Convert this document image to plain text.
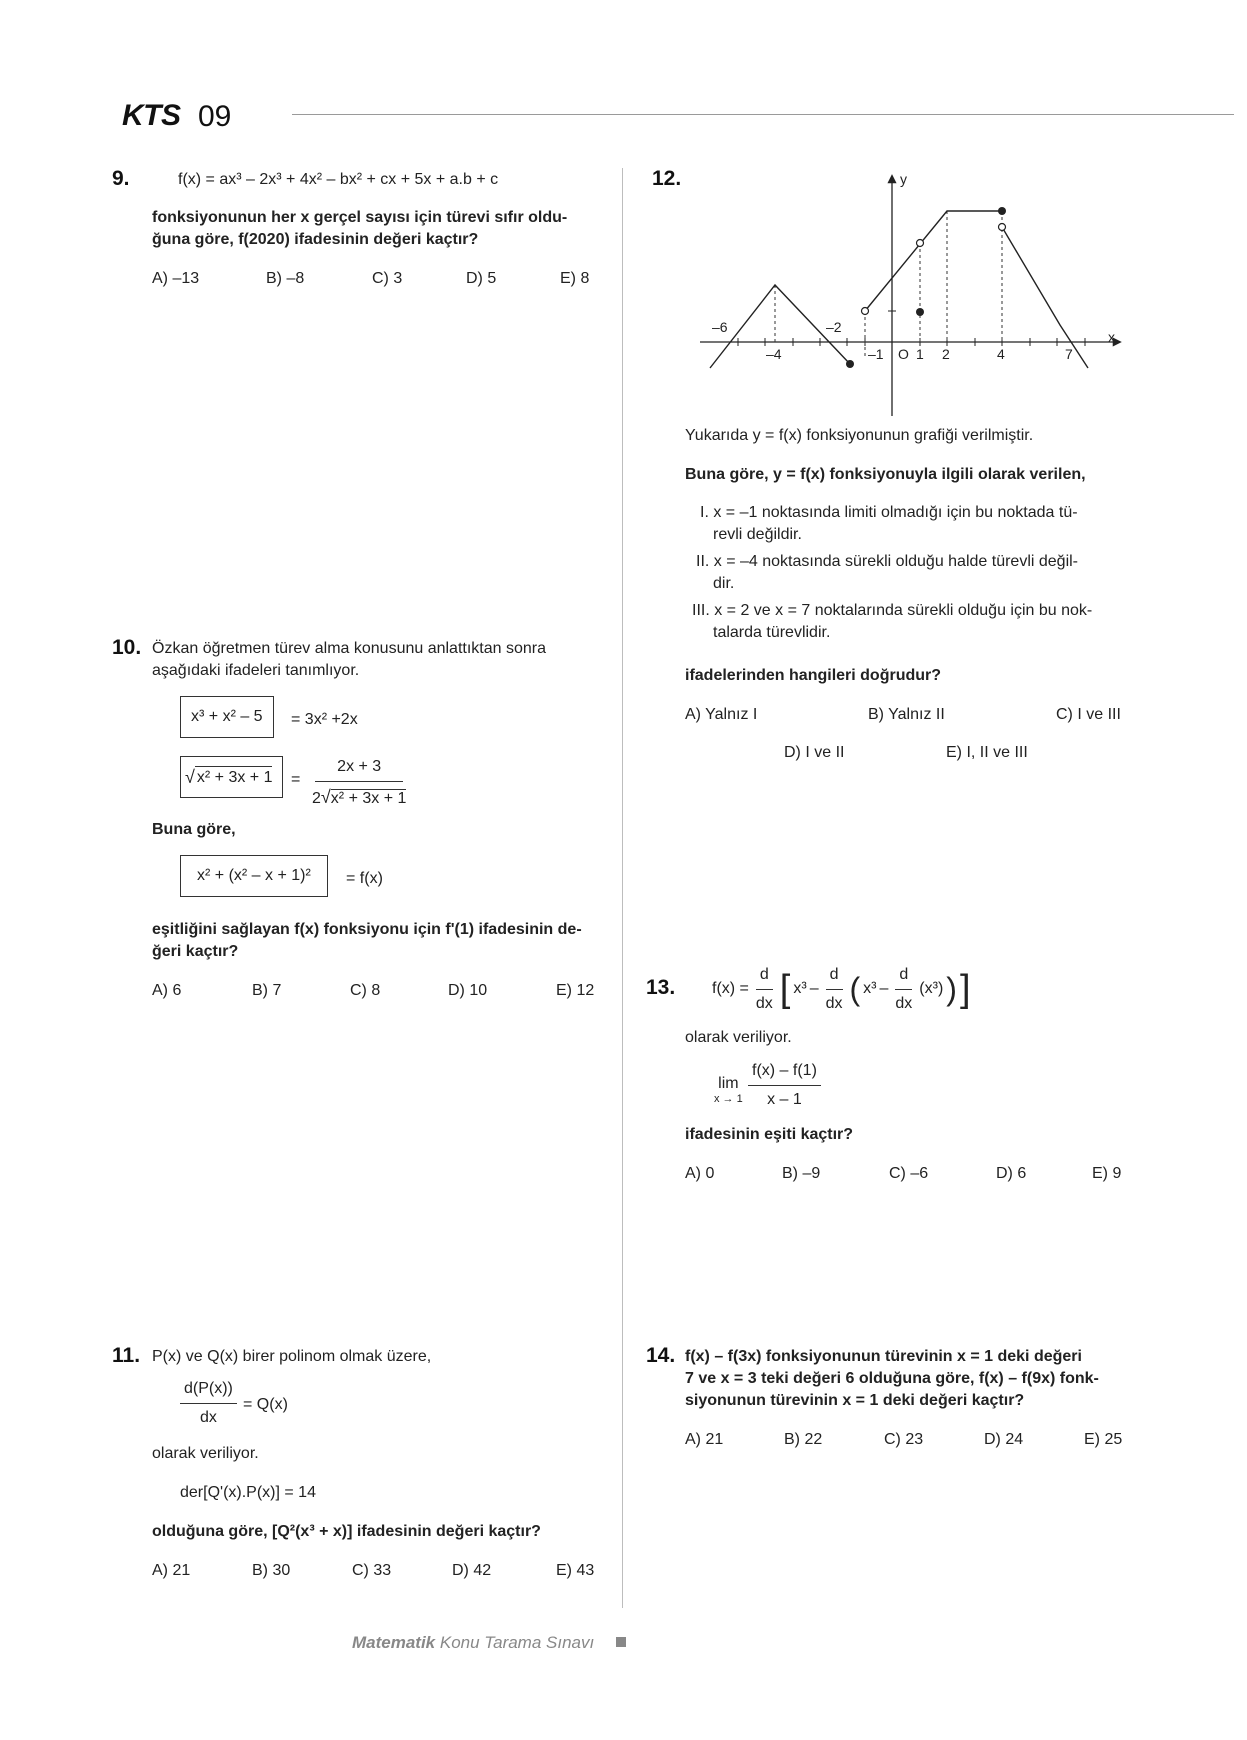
KTS 09
9.	f(x) = ax³ – 2x³ + 4x² – bx² + cx + 5x + a.b + c
fonksiyonunun her x gerçel sayısı için türevi sıfır oldu-
ğuna göre, f(2020) ifadesinin değeri kaçtır?
A) –13	B) –8	C) 3	D) 5	E) 8
10. Özkan öğretmen türev alma konusunu anlattıktan sonra
aşağıdaki ifadeleri tanımlıyor.
x³ + x² – 5	= 3x² +2x
√ $x^2 + 3x + 1 = \frac{2x + 3}{\text{2√x² + 3x + 1}}$
Buna göre,
x² + (x² – x + 1)²	= f(x)
eşitliğini sağlayan f(x) fonksiyonu için f'(1) ifadesinin de-
ğeri kaçtır?
A) 6	B) 7	C) 8	D) 10	E) 12
11. P(x) ve Q(x) birer polinom olmak üzere,
$\frac{d(P(x))}{dx} = Q(x)$
olarak veriliyor.
der[Q'(x).P(x)] = 14
olduğuna göre, [Q²(x³ + x)] ifadesinin değeri kaçtır?
A) 21	B) 30	C) 33	D) 42	E) 43
12.
x
y
O
–6
–4
–2
–1 1 2	4	7
Yukarıda y = f(x) fonksiyonunun grafiği verilmiştir.
Buna göre, y = f(x) fonksiyonuyla ilgili olarak verilen,
I. x = –1 noktasında limiti olmadığı için bu noktada tü-
revli değildir.
II. x = –4 noktasında sürekli olduğu halde türevli değil-
dir.
III. x = 2 ve x = 7 noktalarında sürekli olduğu için bu nok-
talarda türevlidir.
ifadelerinden hangileri doğrudur?
A) Yalnız I	B) Yalnız II	C) I ve III
D) I ve II	E) I, II ve III
13. $f(x) = \frac{d}{dx}$ [ $x^3 - \frac{d}{dx}$ ( $x^3 - \frac{d}{dx} (x^3)$ ) ]
olarak veriliyor.
lim
$x \to 1 \frac{f(x) - f(1)}{x - 1}$
ifadesinin eşiti kaçtır?
A) 0	B) –9	C) –6	D) 6	E) 9
14. f(x) – f(3x) fonksiyonunun türevinin x = 1 deki değeri
7 ve x = 3 teki değeri 6 olduğuna göre, f(x) – f(9x) fonk-
siyonunun türevinin x = 1 deki değeri kaçtır?
A) 21	B) 22	C) 23	D) 24	E) 25
Matematik Konu Tarama Sınavı
